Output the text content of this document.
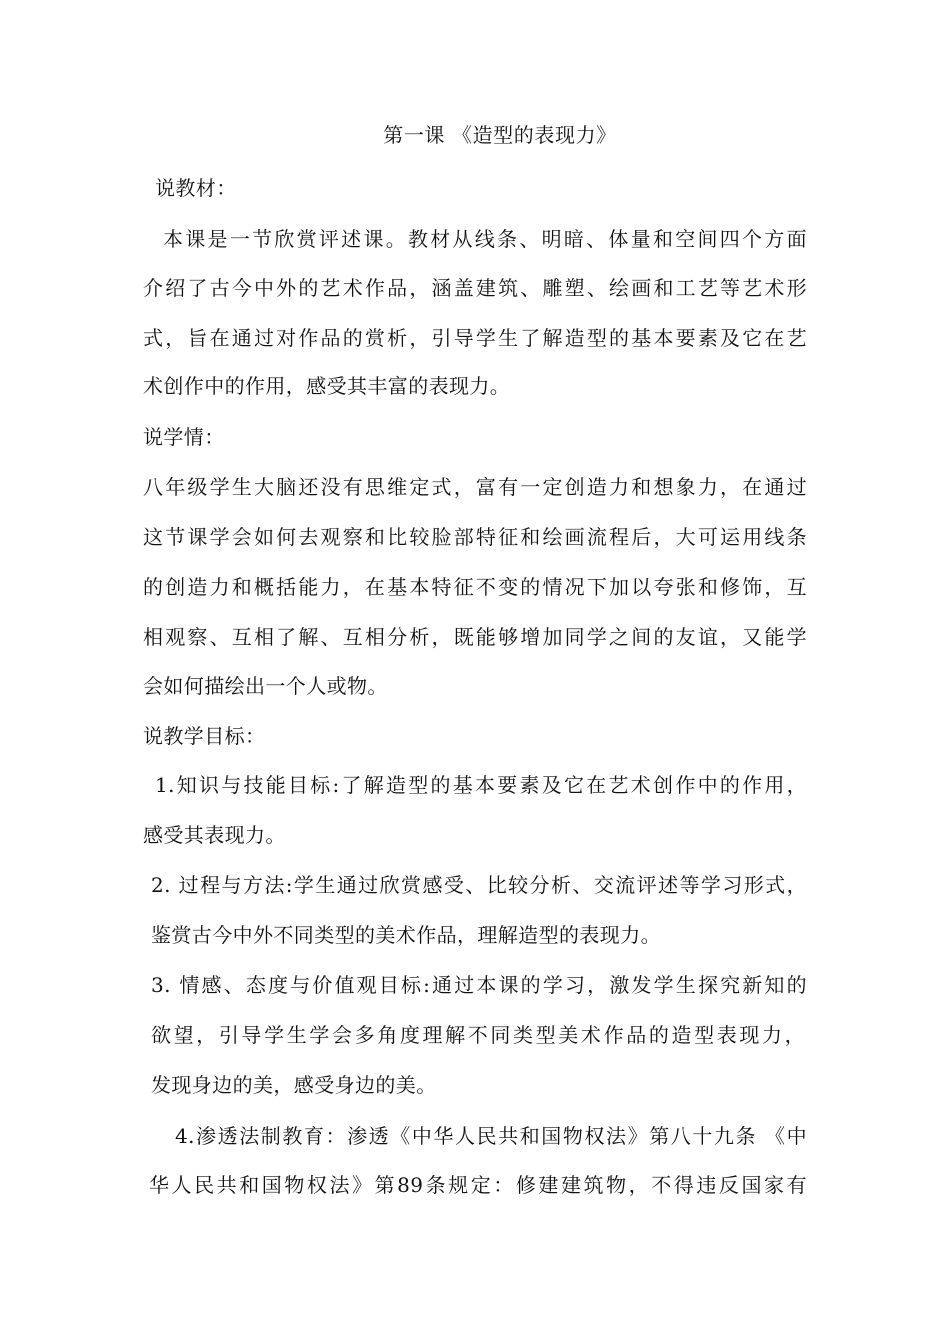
第一课 《造型的表现力》
说教材：
本课是一节欣赏评述课。教材从线条、明暗、体量和空间四个方面
介绍了古今中外的艺术作品，涵盖建筑、雕塑、绘画和工艺等艺术形
式，旨在通过对作品的赏析，引导学生了解造型的基本要素及它在艺
术创作中的作用，感受其丰富的表现力。
说学情：
八年级学生大脑还没有思维定式，富有一定创造力和想象力，在通过
这节课学会如何去观察和比较脸部特征和绘画流程后，大可运用线条
的创造力和概括能力，在基本特征不变的情况下加以夸张和修饰，互
相观察、互相了解、互相分析，既能够增加同学之间的友谊，又能学
会如何描绘出一个人或物。
说教学目标：
1.知识与技能目标:了解造型的基本要素及它在艺术创作中的作用，
感受其表现力。
2. 过程与方法:学生通过欣赏感受、比较分析、交流评述等学习形式，
鉴赏古今中外不同类型的美术作品，理解造型的表现力。
3. 情感、态度与价值观目标:通过本课的学习，激发学生探究新知的
欲望，引导学生学会多角度理解不同类型美术作品的造型表现力，
发现身边的美，感受身边的美。
4.渗透法制教育：渗透《中华人民共和国物权法》第八十九条 《中
华人民共和国物权法》第89条规定：修建建筑物，不得违反国家有
